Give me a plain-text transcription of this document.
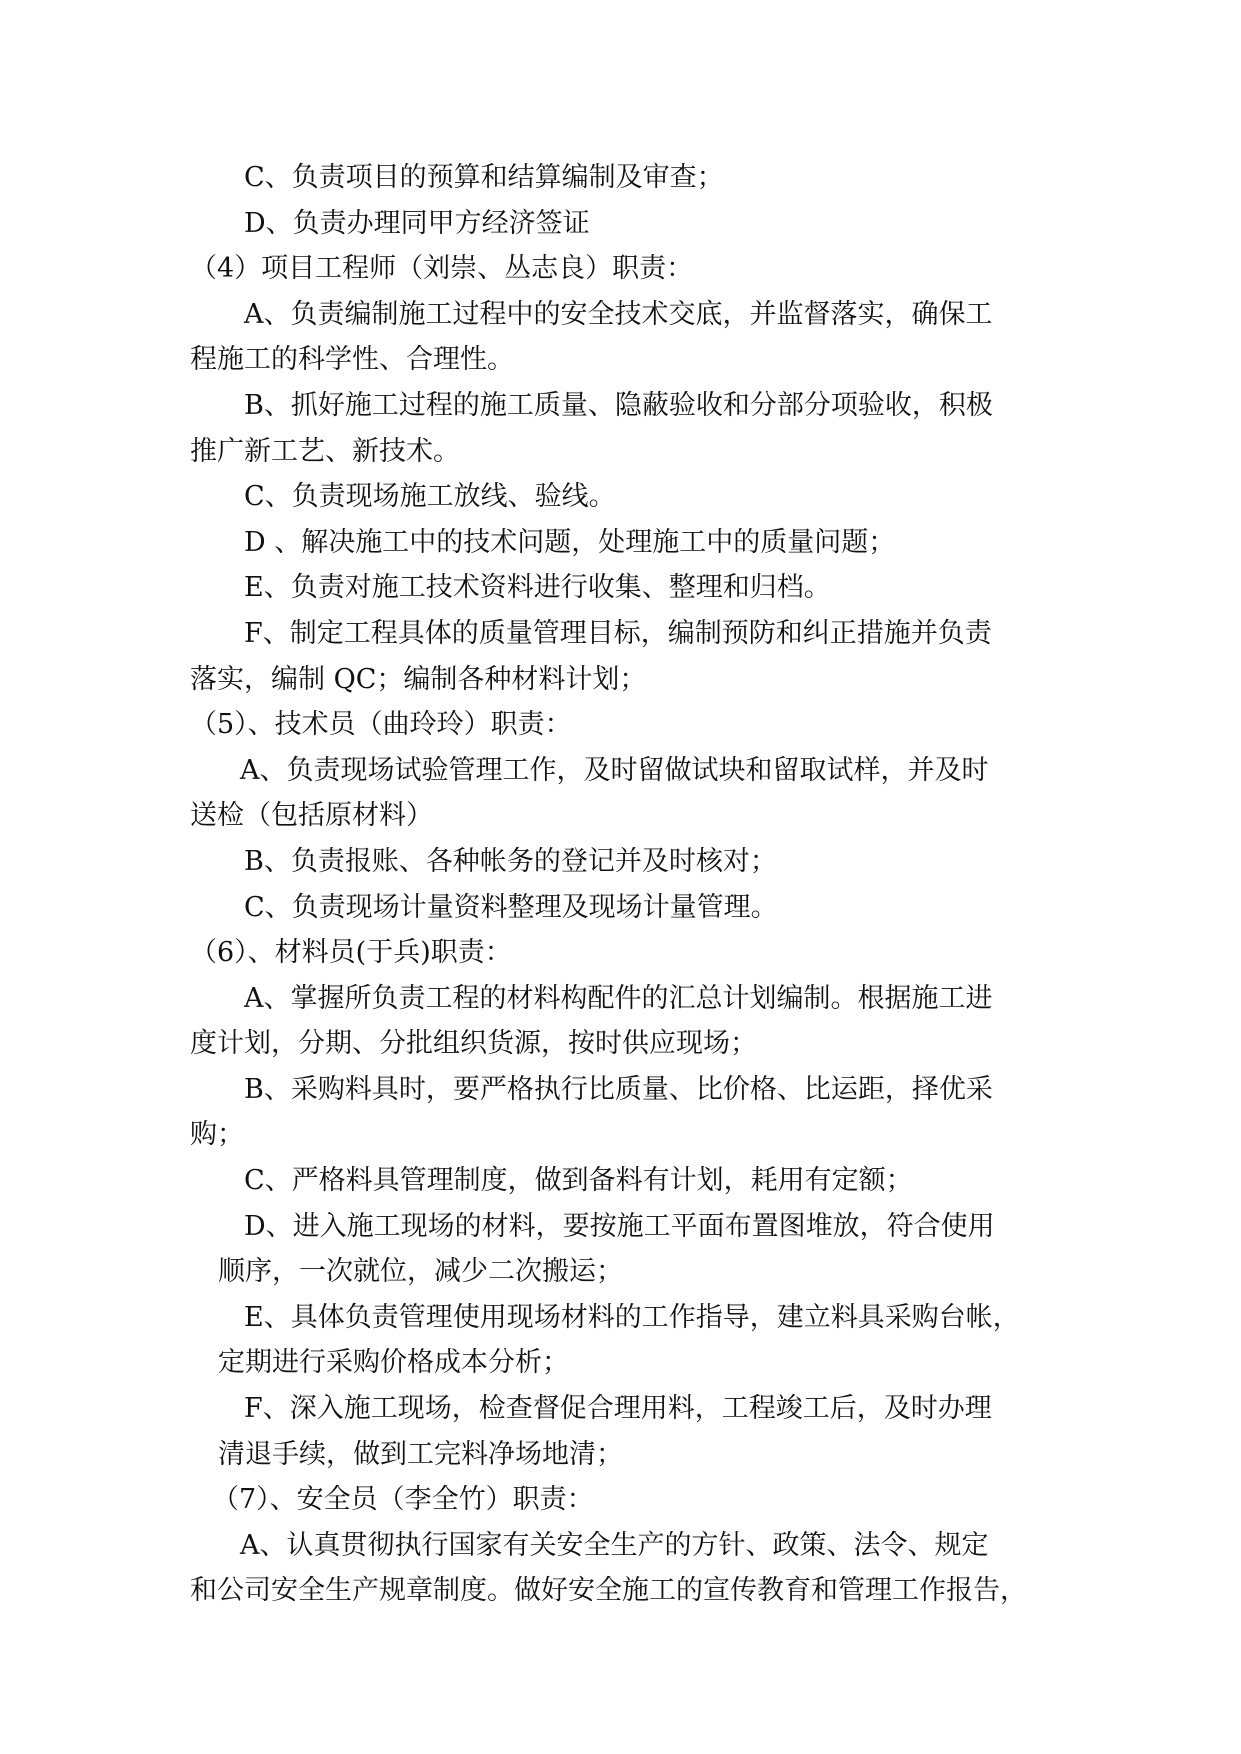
C、负责项目的预算和结算编制及审查；
D、负责办理同甲方经济签证
（4）项目工程师（刘崇、丛志良）职责：
A、负责编制施工过程中的安全技术交底，并监督落实，确保工
程施工的科学性、合理性。
B、抓好施工过程的施工质量、隐蔽验收和分部分项验收，积极
推广新工艺、新技术。
C、负责现场施工放线、验线。
D 、解决施工中的技术问题，处理施工中的质量问题；
E、负责对施工技术资料进行收集、整理和归档。
F、制定工程具体的质量管理目标，编制预防和纠正措施并负责
落实，编制 QC；编制各种材料计划；
（5）、技术员（曲玲玲）职责：
A、负责现场试验管理工作，及时留做试块和留取试样，并及时
送检（包括原材料）
B、负责报账、各种帐务的登记并及时核对；
C、负责现场计量资料整理及现场计量管理。
（6）、材料员(于兵)职责：
A、掌握所负责工程的材料构配件的汇总计划编制。根据施工进
度计划，分期、分批组织货源，按时供应现场；
B、采购料具时，要严格执行比质量、比价格、比运距，择优采
购；
C、严格料具管理制度，做到备料有计划，耗用有定额；
D、进入施工现场的材料，要按施工平面布置图堆放，符合使用
顺序，一次就位，减少二次搬运；
E、具体负责管理使用现场材料的工作指导，建立料具采购台帐，
定期进行采购价格成本分析；
F、深入施工现场，检查督促合理用料，工程竣工后，及时办理
清退手续，做到工完料净场地清；
（7）、安全员（李全竹）职责：
A、认真贯彻执行国家有关安全生产的方针、政策、法令、规定
和公司安全生产规章制度。做好安全施工的宣传教育和管理工作报告，
